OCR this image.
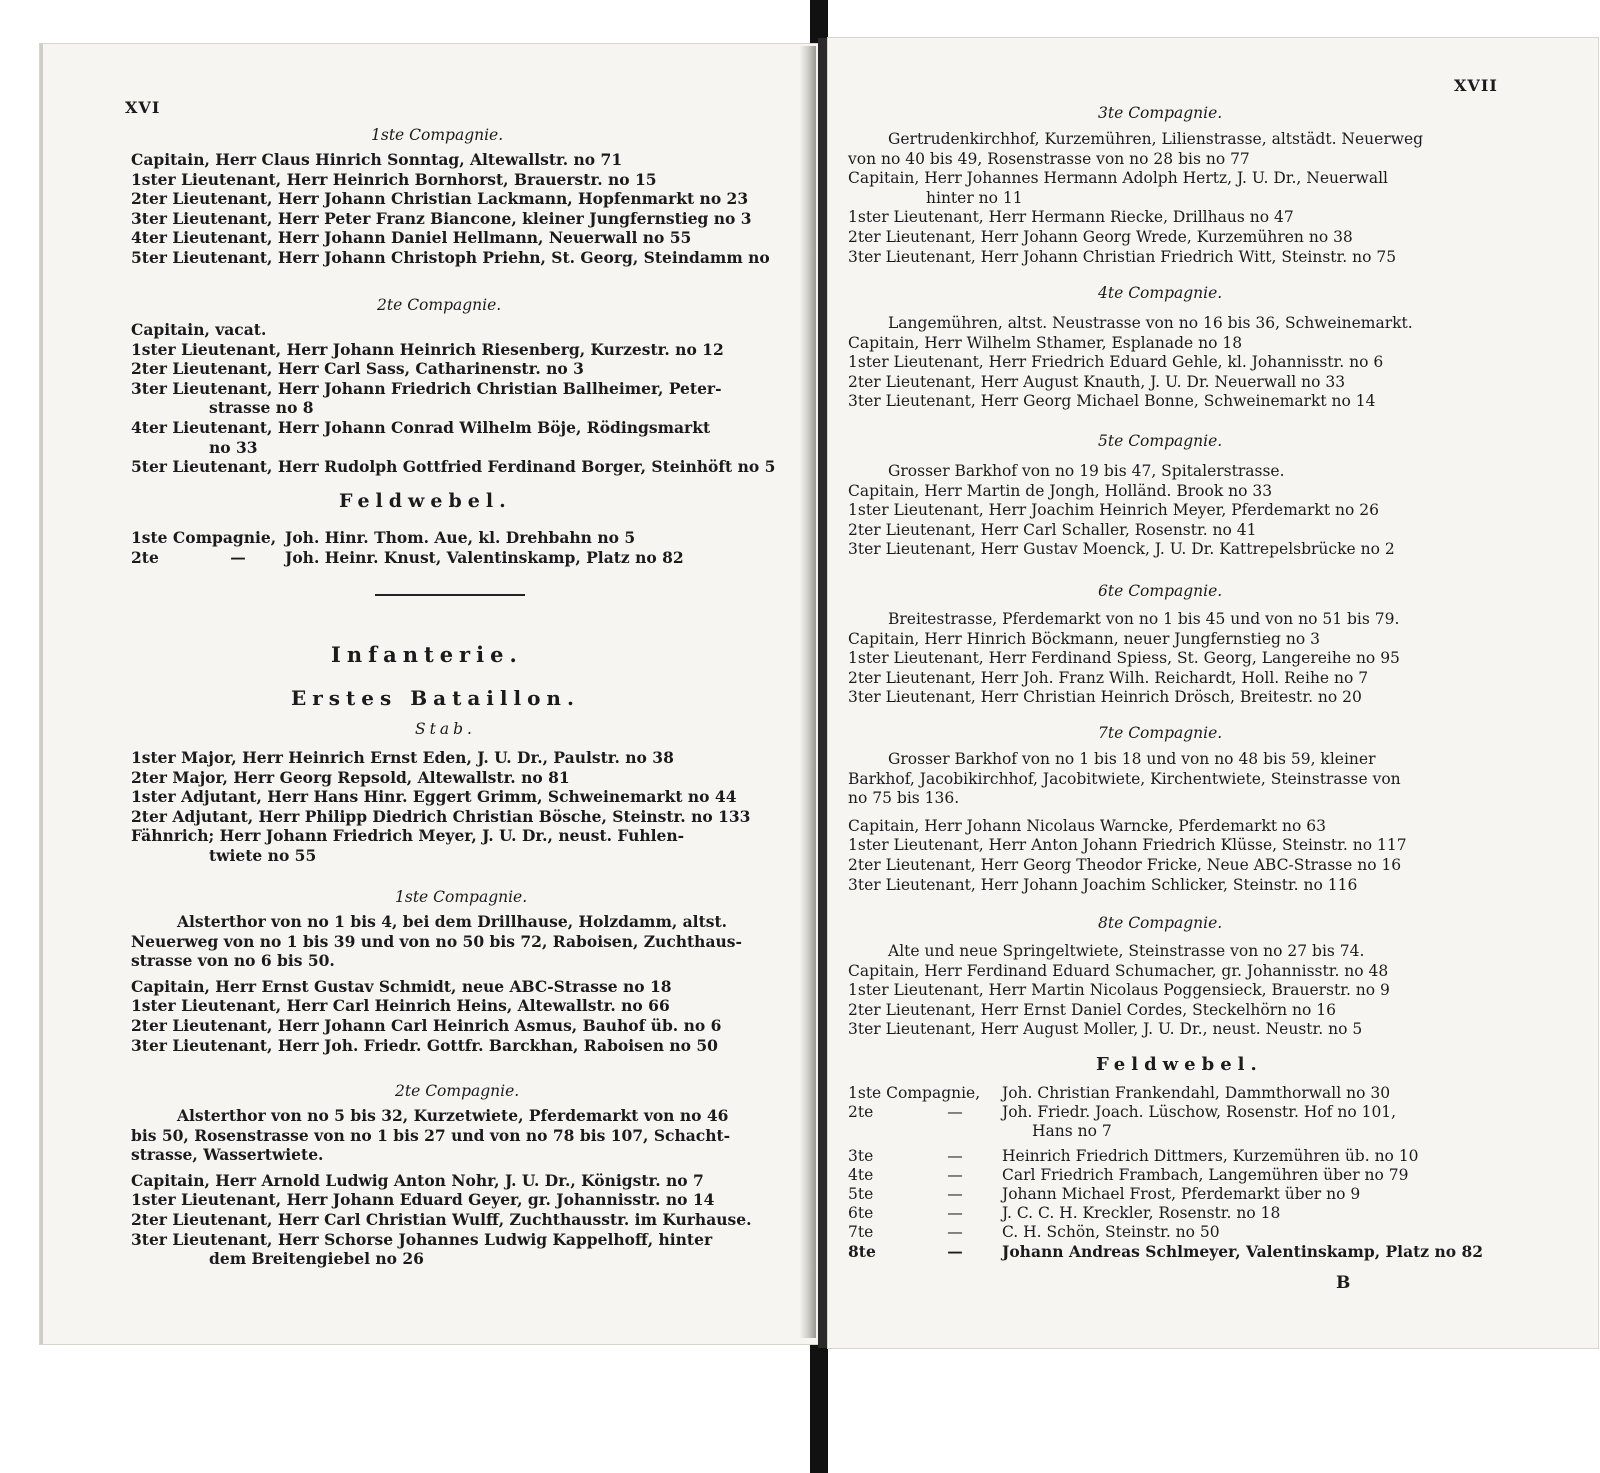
XVI
1ste Compagnie.
Capitain, Herr Claus Hinrich Sonntag, Altewallstr. no 71
1ster Lieutenant, Herr Heinrich Bornhorst, Brauerstr. no 15
2ter Lieutenant, Herr Johann Christian Lackmann, Hopfenmarkt no 23
3ter Lieutenant, Herr Peter Franz Biancone, kleiner Jungfernstieg no 3
4ter Lieutenant, Herr Johann Daniel Hellmann, Neuerwall no 55
5ter Lieutenant, Herr Johann Christoph Priehn, St. Georg, Steindamm no
2te Compagnie.
Capitain, vacat.
1ster Lieutenant, Herr Johann Heinrich Riesenberg, Kurzestr. no 12
2ter Lieutenant, Herr Carl Sass, Catharinenstr. no 3
3ter Lieutenant, Herr Johann Friedrich Christian Ballheimer, Peter-
strasse no 8
4ter Lieutenant, Herr Johann Conrad Wilhelm Böje, Rödingsmarkt
no 33
5ter Lieutenant, Herr Rudolph Gottfried Ferdinand Borger, Steinhöft no 5
Feldwebel.
1ste Compagnie, Joh. Hinr. Thom. Aue, kl. Drehbahn no 5
2te	—	Joh. Heinr. Knust, Valentinskamp, Platz no 82
Infanterie.
Erstes Bataillon.
Stab.
1ster Major, Herr Heinrich Ernst Eden, J. U. Dr., Paulstr. no 38
2ter Major, Herr Georg Repsold, Altewallstr. no 81
1ster Adjutant, Herr Hans Hinr. Eggert Grimm, Schweinemarkt no 44
2ter Adjutant, Herr Philipp Diedrich Christian Bösche, Steinstr. no 133
Fähnrich; Herr Johann Friedrich Meyer, J. U. Dr., neust. Fuhlen-
twiete no 55
1ste Compagnie.
Alsterthor von no 1 bis 4, bei dem Drillhause, Holzdamm, altst.
Neuerweg von no 1 bis 39 und von no 50 bis 72, Raboisen, Zuchthaus-
strasse von no 6 bis 50.
Capitain, Herr Ernst Gustav Schmidt, neue ABC-Strasse no 18
1ster Lieutenant, Herr Carl Heinrich Heins, Altewallstr. no 66
2ter Lieutenant, Herr Johann Carl Heinrich Asmus, Bauhof üb. no 6
3ter Lieutenant, Herr Joh. Friedr. Gottfr. Barckhan, Raboisen no 50
2te Compagnie.
Alsterthor von no 5 bis 32, Kurzetwiete, Pferdemarkt von no 46
bis 50, Rosenstrasse von no 1 bis 27 und von no 78 bis 107, Schacht-
strasse, Wassertwiete.
Capitain, Herr Arnold Ludwig Anton Nohr, J. U. Dr., Königstr. no 7
1ster Lieutenant, Herr Johann Eduard Geyer, gr. Johannisstr. no 14
2ter Lieutenant, Herr Carl Christian Wulff, Zuchthausstr. im Kurhause.
3ter Lieutenant, Herr Schorse Johannes Ludwig Kappelhoff, hinter
dem Breitengiebel no 26
XVII
3te Compagnie.
Gertrudenkirchhof, Kurzemühren, Lilienstrasse, altstädt. Neuerweg
von no 40 bis 49, Rosenstrasse von no 28 bis no 77
Capitain, Herr Johannes Hermann Adolph Hertz, J. U. Dr., Neuerwall
hinter no 11
1ster Lieutenant, Herr Hermann Riecke, Drillhaus no 47
2ter Lieutenant, Herr Johann Georg Wrede, Kurzemühren no 38
3ter Lieutenant, Herr Johann Christian Friedrich Witt, Steinstr. no 75
4te Compagnie.
Langemühren, altst. Neustrasse von no 16 bis 36, Schweinemarkt.
Capitain, Herr Wilhelm Sthamer, Esplanade no 18
1ster Lieutenant, Herr Friedrich Eduard Gehle, kl. Johannisstr. no 6
2ter Lieutenant, Herr August Knauth, J. U. Dr. Neuerwall no 33
3ter Lieutenant, Herr Georg Michael Bonne, Schweinemarkt no 14
5te Compagnie.
Grosser Barkhof von no 19 bis 47, Spitalerstrasse.
Capitain, Herr Martin de Jongh, Holländ. Brook no 33
1ster Lieutenant, Herr Joachim Heinrich Meyer, Pferdemarkt no 26
2ter Lieutenant, Herr Carl Schaller, Rosenstr. no 41
3ter Lieutenant, Herr Gustav Moenck, J. U. Dr. Kattrepelsbrücke no 2
6te Compagnie.
Breitestrasse, Pferdemarkt von no 1 bis 45 und von no 51 bis 79.
Capitain, Herr Hinrich Böckmann, neuer Jungfernstieg no 3
1ster Lieutenant, Herr Ferdinand Spiess, St. Georg, Langereihe no 95
2ter Lieutenant, Herr Joh. Franz Wilh. Reichardt, Holl. Reihe no 7
3ter Lieutenant, Herr Christian Heinrich Drösch, Breitestr. no 20
7te Compagnie.
Grosser Barkhof von no 1 bis 18 und von no 48 bis 59, kleiner
Barkhof, Jacobikirchhof, Jacobitwiete, Kirchentwiete, Steinstrasse von
no 75 bis 136.
Capitain, Herr Johann Nicolaus Warncke, Pferdemarkt no 63
1ster Lieutenant, Herr Anton Johann Friedrich Klüsse, Steinstr. no 117
2ter Lieutenant, Herr Georg Theodor Fricke, Neue ABC-Strasse no 16
3ter Lieutenant, Herr Johann Joachim Schlicker, Steinstr. no 116
8te Compagnie.
Alte und neue Springeltwiete, Steinstrasse von no 27 bis 74.
Capitain, Herr Ferdinand Eduard Schumacher, gr. Johannisstr. no 48
1ster Lieutenant, Herr Martin Nicolaus Poggensieck, Brauerstr. no 9
2ter Lieutenant, Herr Ernst Daniel Cordes, Steckelhörn no 16
3ter Lieutenant, Herr August Moller, J. U. Dr., neust. Neustr. no 5
Feldwebel.
1ste Compagnie,	Joh. Christian Frankendahl, Dammthorwall no 30
2te	—	Joh. Friedr. Joach. Lüschow, Rosenstr. Hof no 101,
Hans no 7
3te	—	Heinrich Friedrich Dittmers, Kurzemühren üb. no 10
4te	—	Carl Friedrich Frambach, Langemühren über no 79
5te	—	Johann Michael Frost, Pferdemarkt über no 9
6te	—	J. C. C. H. Kreckler, Rosenstr. no 18
7te	—	C. H. Schön, Steinstr. no 50
8te	—	Johann Andreas Schlmeyer, Valentinskamp, Platz no 82
B
